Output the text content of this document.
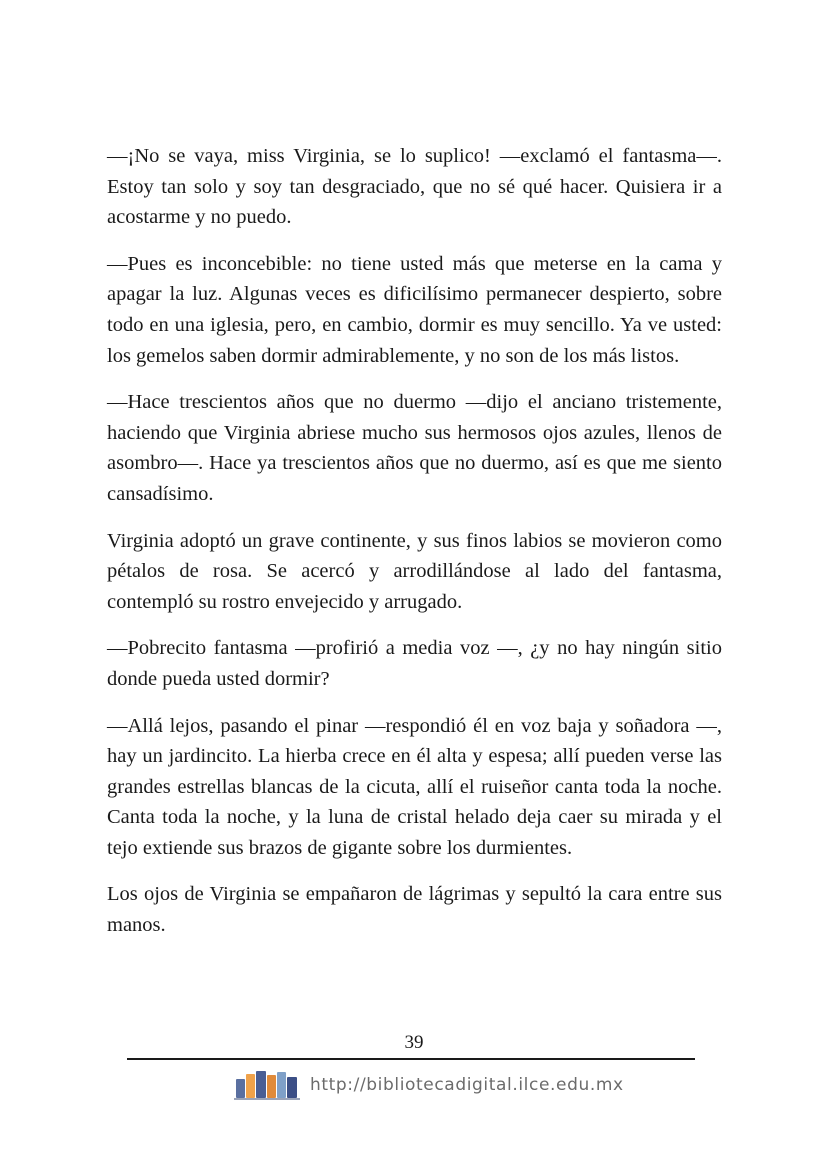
—¡No se vaya, miss Virginia, se lo suplico! —exclamó el fantasma—. Estoy tan solo y soy tan desgraciado, que no sé qué hacer. Quisiera ir a acostarme y no puedo.

—Pues es inconcebible: no tiene usted más que meterse en la cama y apagar la luz. Algunas veces es dificilísimo permanecer despierto, sobre todo en una iglesia, pero, en cambio, dormir es muy sencillo. Ya ve usted: los gemelos saben dormir admirablemente, y no son de los más listos.

—Hace trescientos años que no duermo —dijo el anciano tristemente, haciendo que Virginia abriese mucho sus hermosos ojos azules, llenos de asombro—. Hace ya trescientos años que no duermo, así es que me siento cansadísimo.

Virginia adoptó un grave continente, y sus finos labios se movieron como pétalos de rosa. Se acercó y arrodillándose al lado del fantasma, contempló su rostro envejecido y arrugado.

—Pobrecito fantasma —profirió a media voz —, ¿y no hay ningún sitio donde pueda usted dormir?

—Allá lejos, pasando el pinar —respondió él en voz baja y soñadora —, hay un jardincito. La hierba crece en él alta y espesa; allí pueden verse las grandes estrellas blancas de la cicuta, allí el ruiseñor canta toda la noche. Canta toda la noche, y la luna de cristal helado deja caer su mirada y el tejo extiende sus brazos de gigante sobre los durmientes.

Los ojos de Virginia se empañaron de lágrimas y sepultó la cara entre sus manos.

39
http://bibliotecadigital.ilce.edu.mx
